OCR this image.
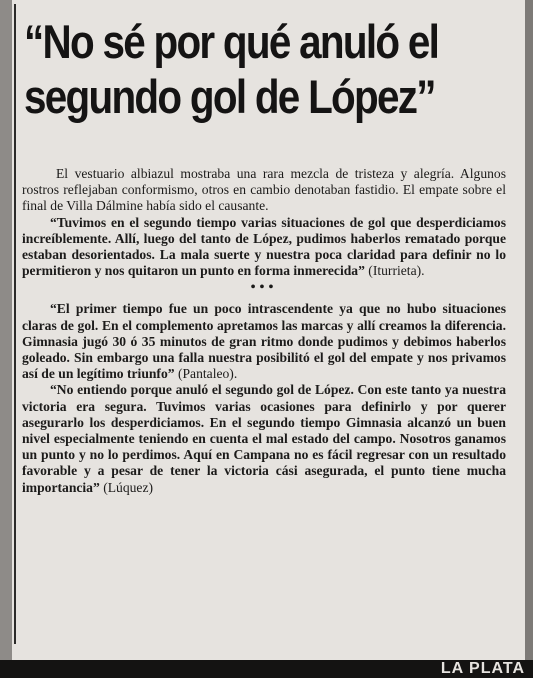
“No sé por qué anuló el
segundo gol de López”

El vestuario albiazul mostraba una rara mezcla de tristeza y alegría. Algunos rostros reflejaban conformismo, otros en cambio denotaban fastidio. El empate sobre el final de Villa Dálmine había sido el causante.

“Tuvimos en el segundo tiempo varias situaciones de gol que desperdiciamos increíblemente. Allí, luego del tanto de López, pudimos haberlos rematado porque estaban desorientados. La mala suerte y nuestra poca claridad para definir no lo permitieron y nos quitaron un punto en forma inmerecida” (Iturrieta).

•••

“El primer tiempo fue un poco intrascendente ya que no hubo situaciones claras de gol. En el complemento apretamos las marcas y allí creamos la diferencia. Gimnasia jugó 30 ó 35 minutos de gran ritmo donde pudimos y debimos haberlos goleado. Sin embargo una falla nuestra posibilitó el gol del empate y nos privamos así de un legítimo triunfo” (Pantaleo).

“No entiendo porque anuló el segundo gol de López. Con este tanto ya nuestra victoria era segura. Tuvimos varias ocasiones para definirlo y por querer asegurarlo los desperdiciamos. En el segundo tiempo Gimnasia alcanzó un buen nivel especialmente teniendo en cuenta el mal estado del campo. Nosotros ganamos un punto y no lo perdimos. Aquí en Campana no es fácil regresar con un resultado favorable y a pesar de tener la victoria cási asegurada, el punto tiene mucha importancia” (Lúquez)

LA PLATA
